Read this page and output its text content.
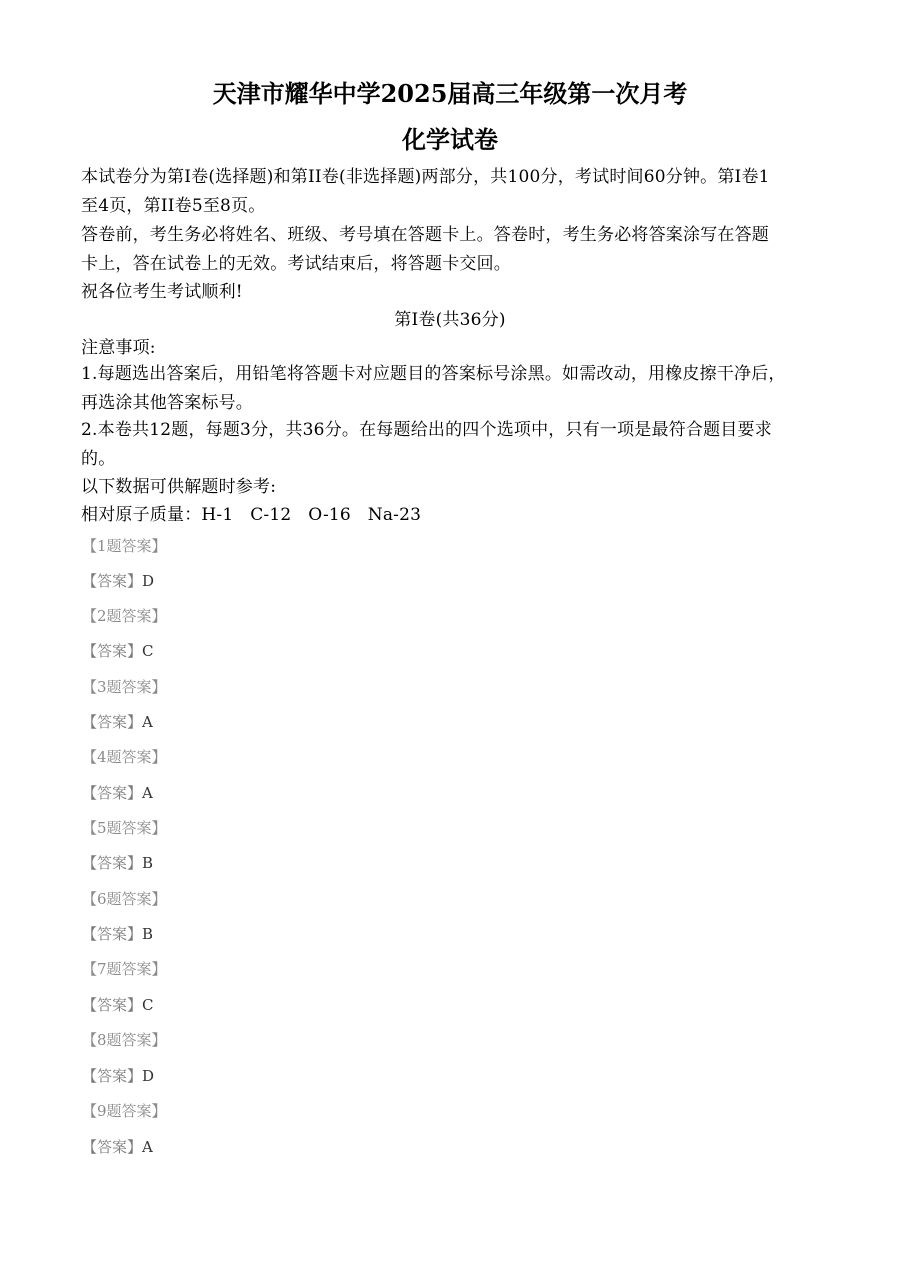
天津市耀华中学2025届高三年级第一次月考
化学试卷
本试卷分为第I卷(选择题)和第II卷(非选择题)两部分，共100分，考试时间60分钟。第I卷1
至4页，第II卷5至8页。
答卷前，考生务必将姓名、班级、考号填在答题卡上。答卷时，考生务必将答案涂写在答题
卡上，答在试卷上的无效。考试结束后，将答题卡交回。
祝各位考生考试顺利!
第I卷(共36分)
注意事项:
1.每题选出答案后，用铅笔将答题卡对应题目的答案标号涂黑。如需改动，用橡皮擦干净后，
再选涂其他答案标号。
2.本卷共12题，每题3分，共36分。在每题给出的四个选项中，只有一项是最符合题目要求
的。
以下数据可供解题时参考:
相对原子质量：H-1   C-12   O-16   Na-23
【1题答案】
【答案】D
【2题答案】
【答案】C
【3题答案】
【答案】A
【4题答案】
【答案】A
【5题答案】
【答案】B
【6题答案】
【答案】B
【7题答案】
【答案】C
【8题答案】
【答案】D
【9题答案】
【答案】A
